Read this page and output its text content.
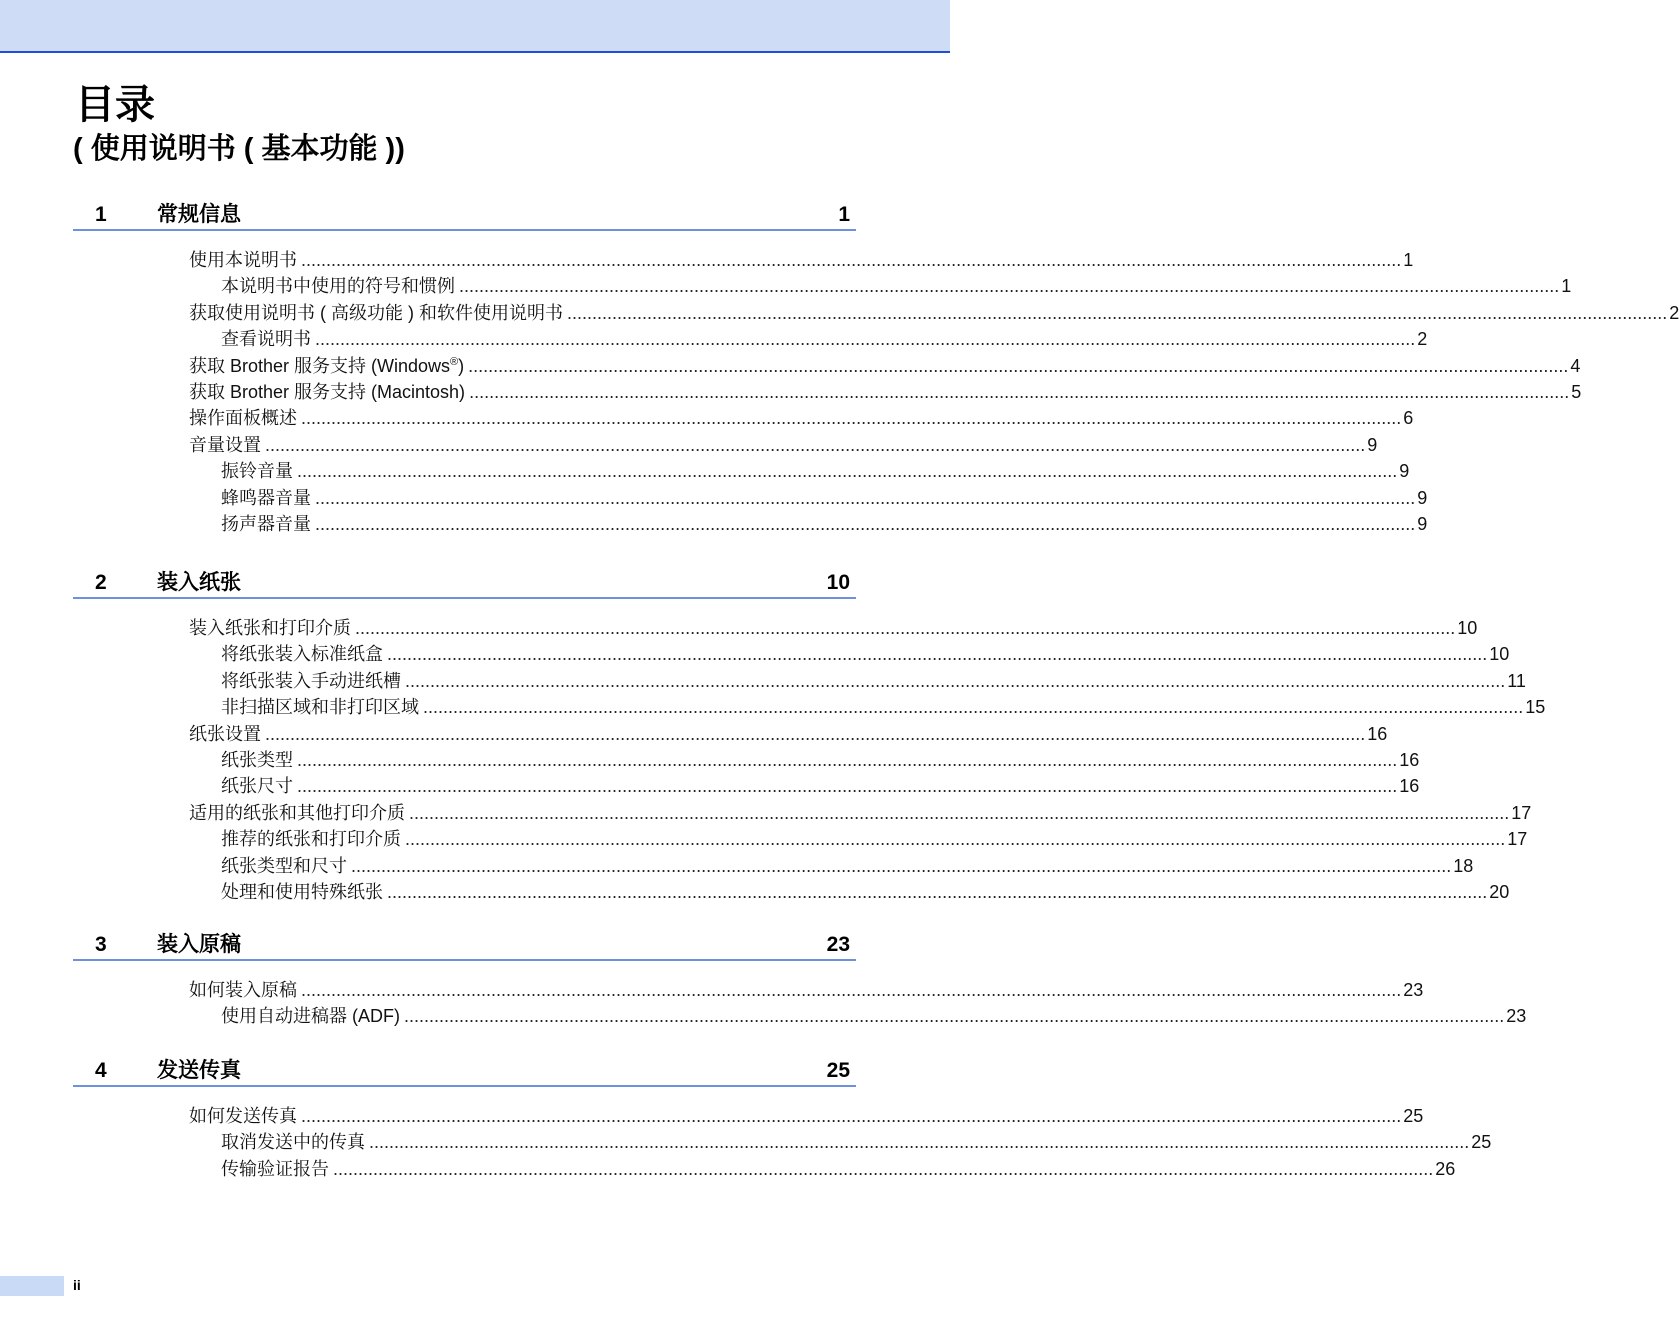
目录
( 使用说明书 ( 基本功能 ))
1 常规信息	1
使用本说明书 ............................................................................................................................................................................................................................ 1
本说明书中使用的符号和惯例 ............................................................................................................................................................................................................................ 1
获取使用说明书 ( 高级功能 ) 和软件使用说明书 ............................................................................................................................................................................................................................ 2
查看说明书 ............................................................................................................................................................................................................................ 2
获取 Brother 服务支持 (Windows®) ............................................................................................................................................................................................................................ 4
获取 Brother 服务支持 (Macintosh) ............................................................................................................................................................................................................................ 5
操作面板概述 ............................................................................................................................................................................................................................ 6
音量设置 ............................................................................................................................................................................................................................ 9
振铃音量 ............................................................................................................................................................................................................................ 9
蜂鸣器音量 ............................................................................................................................................................................................................................ 9
扬声器音量 ............................................................................................................................................................................................................................ 9
2 装入纸张	10
装入纸张和打印介质 ............................................................................................................................................................................................................................ 10
将纸张装入标准纸盒 ............................................................................................................................................................................................................................ 10
将纸张装入手动进纸槽 ............................................................................................................................................................................................................................ 11
非扫描区域和非打印区域 ............................................................................................................................................................................................................................ 15
纸张设置 ............................................................................................................................................................................................................................ 16
纸张类型 ............................................................................................................................................................................................................................ 16
纸张尺寸 ............................................................................................................................................................................................................................ 16
适用的纸张和其他打印介质 ............................................................................................................................................................................................................................ 17
推荐的纸张和打印介质 ............................................................................................................................................................................................................................ 17
纸张类型和尺寸 ............................................................................................................................................................................................................................ 18
处理和使用特殊纸张 ............................................................................................................................................................................................................................ 20
3 装入原稿	23
如何装入原稿 ............................................................................................................................................................................................................................ 23
使用自动进稿器 (ADF) ............................................................................................................................................................................................................................ 23
4 发送传真	25
如何发送传真 ............................................................................................................................................................................................................................ 25
取消发送中的传真 ............................................................................................................................................................................................................................ 25
传输验证报告 ............................................................................................................................................................................................................................ 26
ii
